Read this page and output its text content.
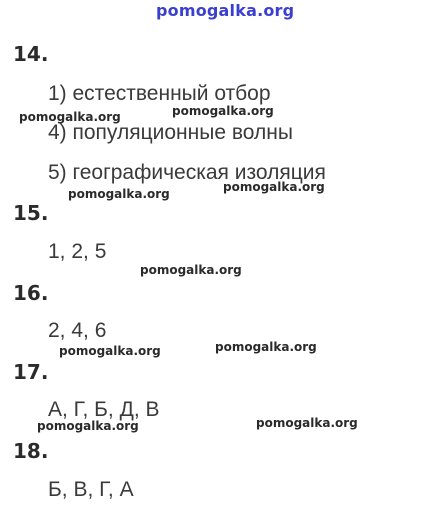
pomogalka.org
14.
1) естественный отбор
4) популяционные волны
5) географическая изоляция
15.
1, 2, 5
16.
2, 4, 6
17.
А, Г, Б, Д, В
18.
Б, В, Г, А
pomogalka.org
pomogalka.org
pomogalka.org
pomogalka.org
pomogalka.org
pomogalka.org
pomogalka.org
pomogalka.org
pomogalka.org
